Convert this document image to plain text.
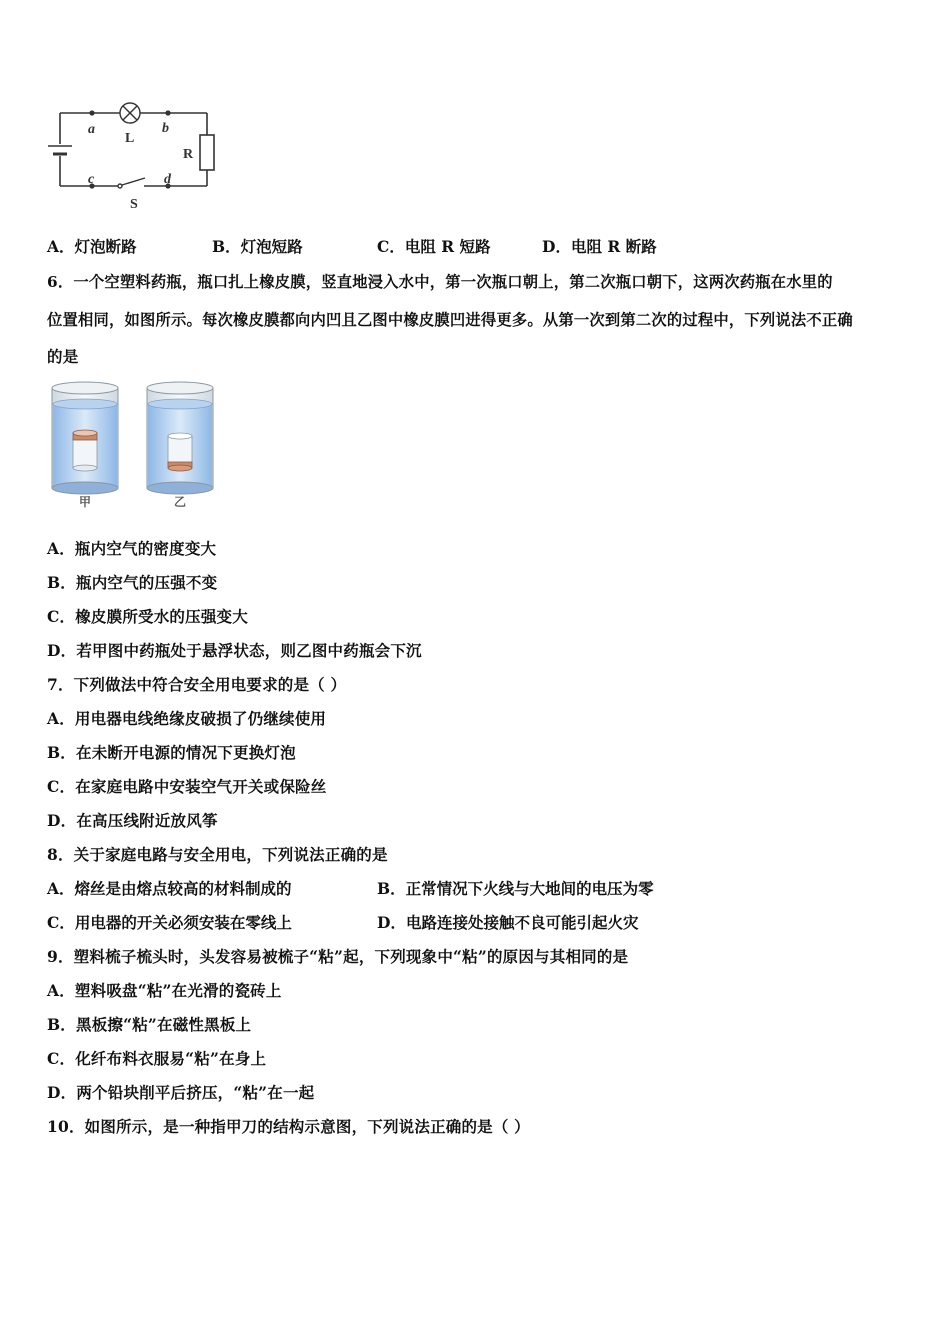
a
L
b
R
c	d
S
A．灯泡断路	B．灯泡短路	C．电阻 R 短路	D．电阻 R 断路
6．一个空塑料药瓶，瓶口扎上橡皮膜，竖直地浸入水中，第一次瓶口朝上，第二次瓶口朝下，这两次药瓶在水里的
位置相同，如图所示。每次橡皮膜都向内凹且乙图中橡皮膜凹进得更多。从第一次到第二次的过程中，下列说法不正确
的是
甲	乙
A．瓶内空气的密度变大
B．瓶内空气的压强不变
C．橡皮膜所受水的压强变大
D．若甲图中药瓶处于悬浮状态，则乙图中药瓶会下沉
7．下列做法中符合安全用电要求的是（ ）
A．用电器电线绝缘皮破损了仍继续使用
B．在未断开电源的情况下更换灯泡
C．在家庭电路中安装空气开关或保险丝
D．在高压线附近放风筝
8．关于家庭电路与安全用电，下列说法正确的是
A．熔丝是由熔点较高的材料制成的	B．正常情况下火线与大地间的电压为零
C．用电器的开关必须安装在零线上	D．电路连接处接触不良可能引起火灾
9．塑料梳子梳头时，头发容易被梳子“粘”起，下列现象中“粘”的原因与其相同的是
A．塑料吸盘“粘”在光滑的瓷砖上
B．黑板擦“粘”在磁性黑板上
C．化纤布料衣服易“粘”在身上
D．两个铅块削平后挤压，“粘”在一起
10．如图所示，是一种指甲刀的结构示意图，下列说法正确的是（ ）
